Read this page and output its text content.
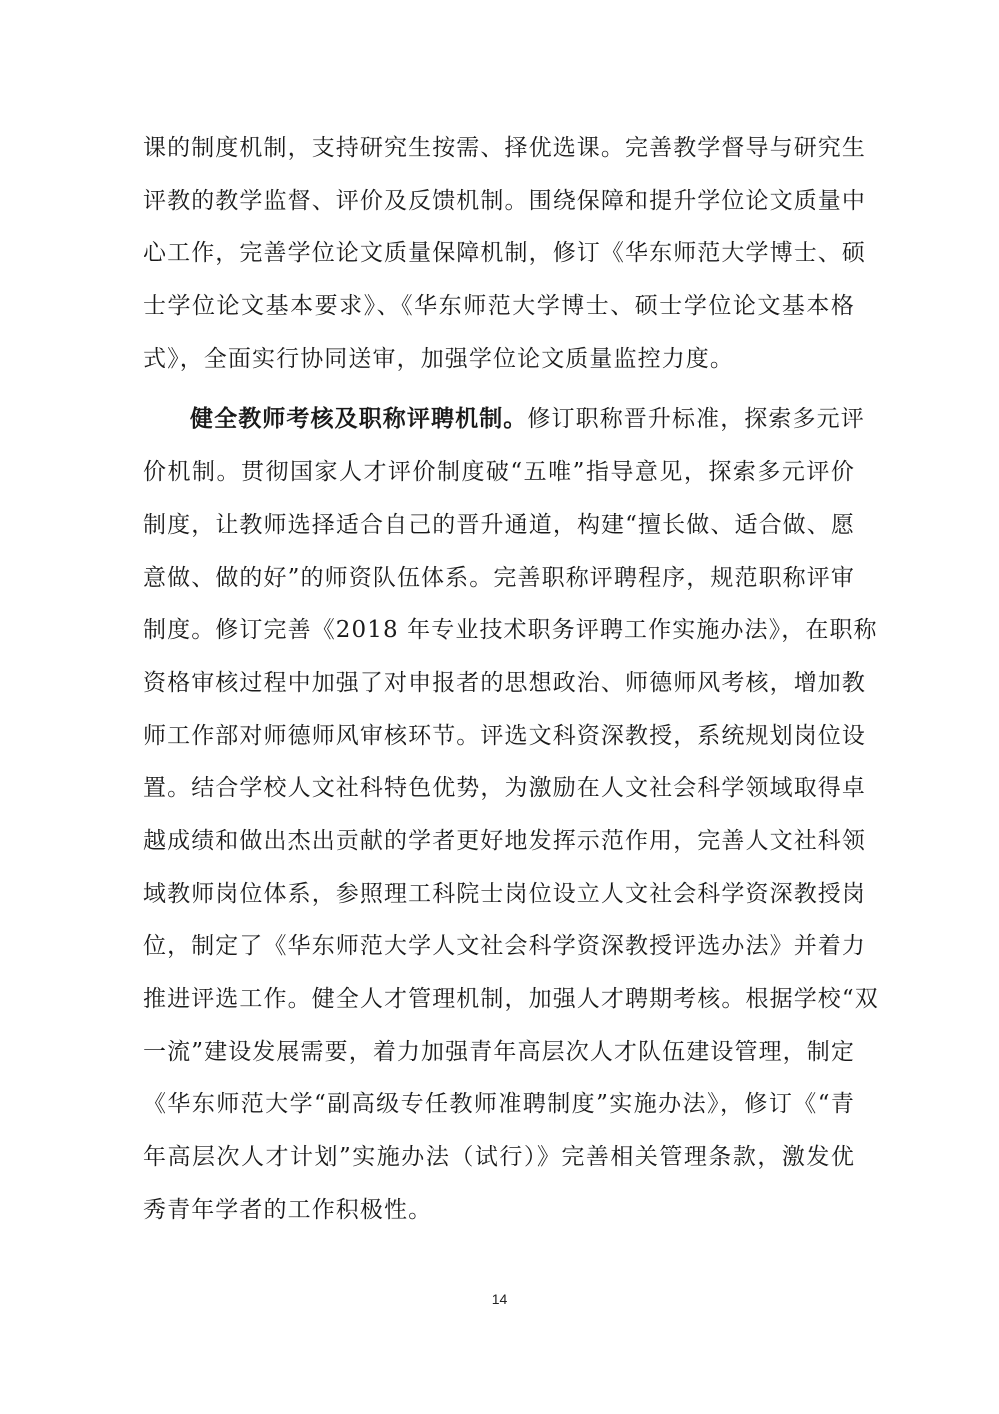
课的制度机制，支持研究生按需、择优选课。完善教学督导与研究生
评教的教学监督、评价及反馈机制。围绕保障和提升学位论文质量中
心工作，完善学位论文质量保障机制，修订《华东师范大学博士、硕
士学位论文基本要求》、《华东师范大学博士、硕士学位论文基本格
式》，全面实行协同送审，加强学位论文质量监控力度。
健全教师考核及职称评聘机制。修订职称晋升标准，探索多元评
价机制。贯彻国家人才评价制度破“五唯”指导意见，探索多元评价
制度，让教师选择适合自己的晋升通道，构建“擅长做、适合做、愿
意做、做的好”的师资队伍体系。完善职称评聘程序，规范职称评审
制度。修订完善《2018 年专业技术职务评聘工作实施办法》，在职称
资格审核过程中加强了对申报者的思想政治、师德师风考核，增加教
师工作部对师德师风审核环节。评选文科资深教授，系统规划岗位设
置。结合学校人文社科特色优势，为激励在人文社会科学领域取得卓
越成绩和做出杰出贡献的学者更好地发挥示范作用，完善人文社科领
域教师岗位体系，参照理工科院士岗位设立人文社会科学资深教授岗
位，制定了《华东师范大学人文社会科学资深教授评选办法》并着力
推进评选工作。健全人才管理机制，加强人才聘期考核。根据学校“双
一流”建设发展需要，着力加强青年高层次人才队伍建设管理，制定
《华东师范大学“副高级专任教师准聘制度”实施办法》，修订《“青
年高层次人才计划”实施办法（试行）》完善相关管理条款，激发优
秀青年学者的工作积极性。
14
